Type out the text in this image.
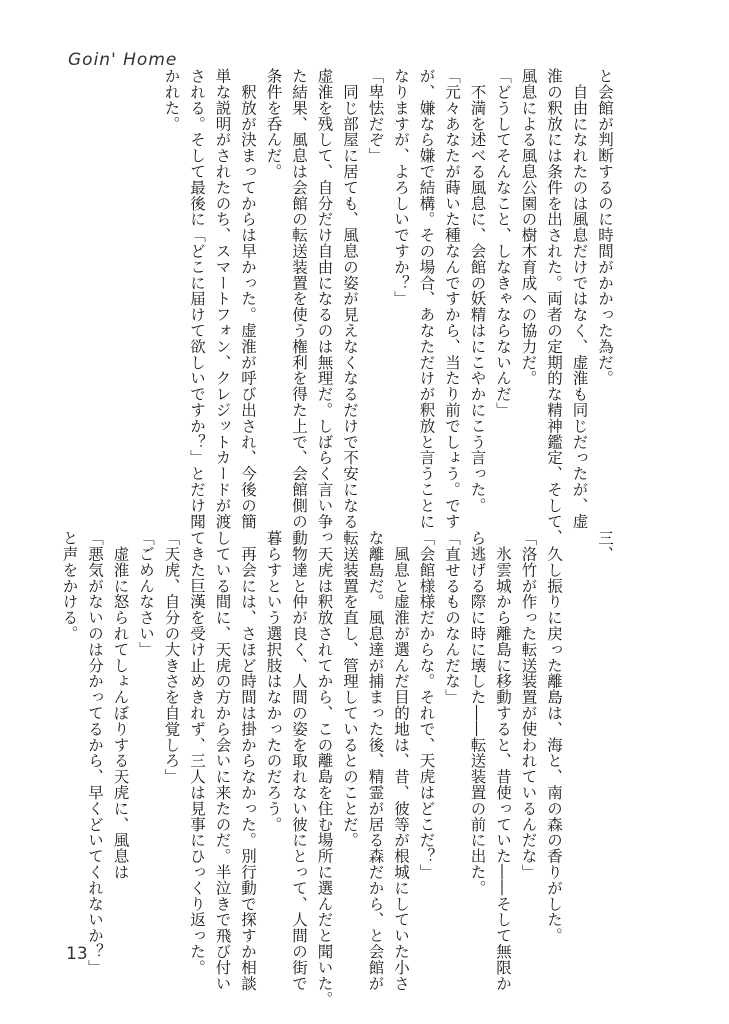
Goin' Home
と会館が判断するのに時間がかかった為だ。
　自由になれたのは風息だけではなく、虚淮も同じだったが、虚
淮の釈放には条件を出された。両者の定期的な精神鑑定、そして、
風息による風息公園の樹木育成への協力だ。
「どうしてそんなこと、しなきゃならないんだ」
　不満を述べる風息に、会館の妖精はにこやかにこう言った。
「元々あなたが蒔いた種なんですから、当たり前でしょう。です
が、嫌なら嫌で結構。その場合、あなただけが釈放と言うことに
なりますが、よろしいですか？」
「卑怯だぞ」
　同じ部屋に居ても、風息の姿が見えなくなるだけで不安になる
虚淮を残して、自分だけ自由になるのは無理だ。しばらく言い争っ
た結果、風息は会館の転送装置を使う権利を得た上で、会館側の
条件を呑んだ。
　釈放が決まってからは早かった。虚淮が呼び出され、今後の簡
単な説明がされたのち、スマートフォン、クレジットカードが渡
される。そして最後に「どこに届けて欲しいですか？」とだけ聞
かれた。
三、

　久し振りに戻った離島は、海と、南の森の香りがした。
「洛竹が作った転送装置が使われているんだな」
　氷雲城から離島に移動すると、昔使っていた――そして無限か
ら逃げる際に時に壊した――転送装置の前に出た。
「直せるものなんだな」
「会館様様だからな。それで、天虎はどこだ？」
　風息と虚淮が選んだ目的地は、昔、彼等が根城にしていた小さ
な離島だ。風息達が捕まった後、精霊が居る森だから、と会館が
転送装置を直し、管理しているとのことだ。
　天虎は釈放されてから、この離島を住む場所に選んだと聞いた。
動物達と仲が良く、人間の姿を取れない彼にとって、人間の街で
暮らすという選択肢はなかったのだろう。
　再会には、さほど時間は掛からなかった。別行動で探すか相談
している間に、天虎の方から会いに来たのだ。半泣きで飛び付い
てきた巨漢を受け止めきれず、三人は見事にひっくり返った。
「天虎、自分の大きさを自覚しろ」
「ごめんなさい」
　虚淮に怒られてしょんぼりする天虎に、風息は
「悪気がないのは分かってるから、早くどいてくれないか？」
と声をかける。
13
